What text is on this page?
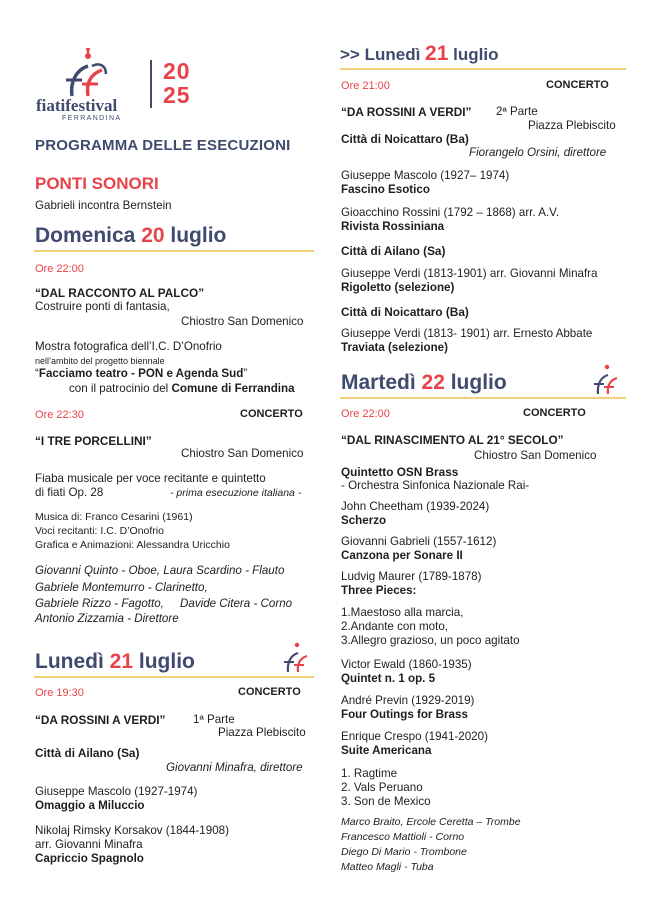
fiatifestival
FERRANDINA
20
25
PROGRAMMA DELLE ESECUZIONI
PONTI SONORI
Gabrieli incontra Bernstein
Domenica 20 luglio
Ore 22:00
“DAL RACCONTO AL PALCO”
Costruire ponti di fantasia,
Chiostro San Domenico
Mostra fotografica dell’I.C. D’Onofrio
nell’ambito del progetto biennale
“Facciamo teatro - PON e Agenda Sud”
con il patrocinio del Comune di Ferrandina
Ore 22:30	CONCERTO
“I TRE PORCELLINI”
Chiostro San Domenico
Fiaba musicale per voce recitante e quintetto
di fiati Op. 28	- prima esecuzione italiana -
Musica di: Franco Cesarini (1961)
Voci recitanti: I.C. D’Onofrio
Grafica e Animazioni: Alessandra Uricchio
Giovanni Quinto - Oboe, Laura Scardino - Flauto
Gabriele Montemurro - Clarinetto,
Gabriele Rizzo - Fagotto, Davide Citera - Corno
Antonio Zizzamia - Direttore
Lunedì 21 luglio
Ore 19:30	CONCERTO
“DA ROSSINI A VERDI” 1ª Parte
Piazza Plebiscito
Città di Ailano (Sa)
Giovanni Minafra, direttore
Giuseppe Mascolo (1927-1974)
Omaggio a Miluccio
Nikolaj Rimsky Korsakov (1844-1908)
arr. Giovanni Minafra
Capriccio Spagnolo
>> Lunedì 21 luglio
Ore 21:00	CONCERTO
“DA ROSSINI A VERDI” 2ª Parte
Piazza Plebiscito
Città di Noicattaro (Ba)
Fiorangelo Orsini, direttore
Giuseppe Mascolo (1927– 1974)
Fascino Esotico
Gioacchino Rossini (1792 – 1868) arr. A.V.
Rivista Rossiniana
Città di Ailano (Sa)
Giuseppe Verdi (1813-1901) arr. Giovanni Minafra
Rigoletto (selezione)
Città di Noicattaro (Ba)
Giuseppe Verdi (1813- 1901) arr. Ernesto Abbate
Traviata (selezione)
Martedì 22 luglio
Ore 22:00	CONCERTO
“DAL RINASCIMENTO AL 21° SECOLO”
Chiostro San Domenico
Quintetto OSN Brass
- Orchestra Sinfonica Nazionale Rai-
John Cheetham (1939-2024)
Scherzo
Giovanni Gabrieli (1557-1612)
Canzona per Sonare II
Ludvig Maurer (1789-1878)
Three Pieces:
1.Maestoso alla marcia,
2.Andante con moto,
3.Allegro grazioso, un poco agitato
Victor Ewald (1860-1935)
Quintet n. 1 op. 5
André Previn (1929-2019)
Four Outings for Brass
Enrique Crespo (1941-2020)
Suite Americana
1. Ragtime
2. Vals Peruano
3. Son de Mexico
Marco Braito, Ercole Ceretta – Trombe
Francesco Mattioli - Corno
Diego Di Mario - Trombone
Matteo Magli - Tuba
